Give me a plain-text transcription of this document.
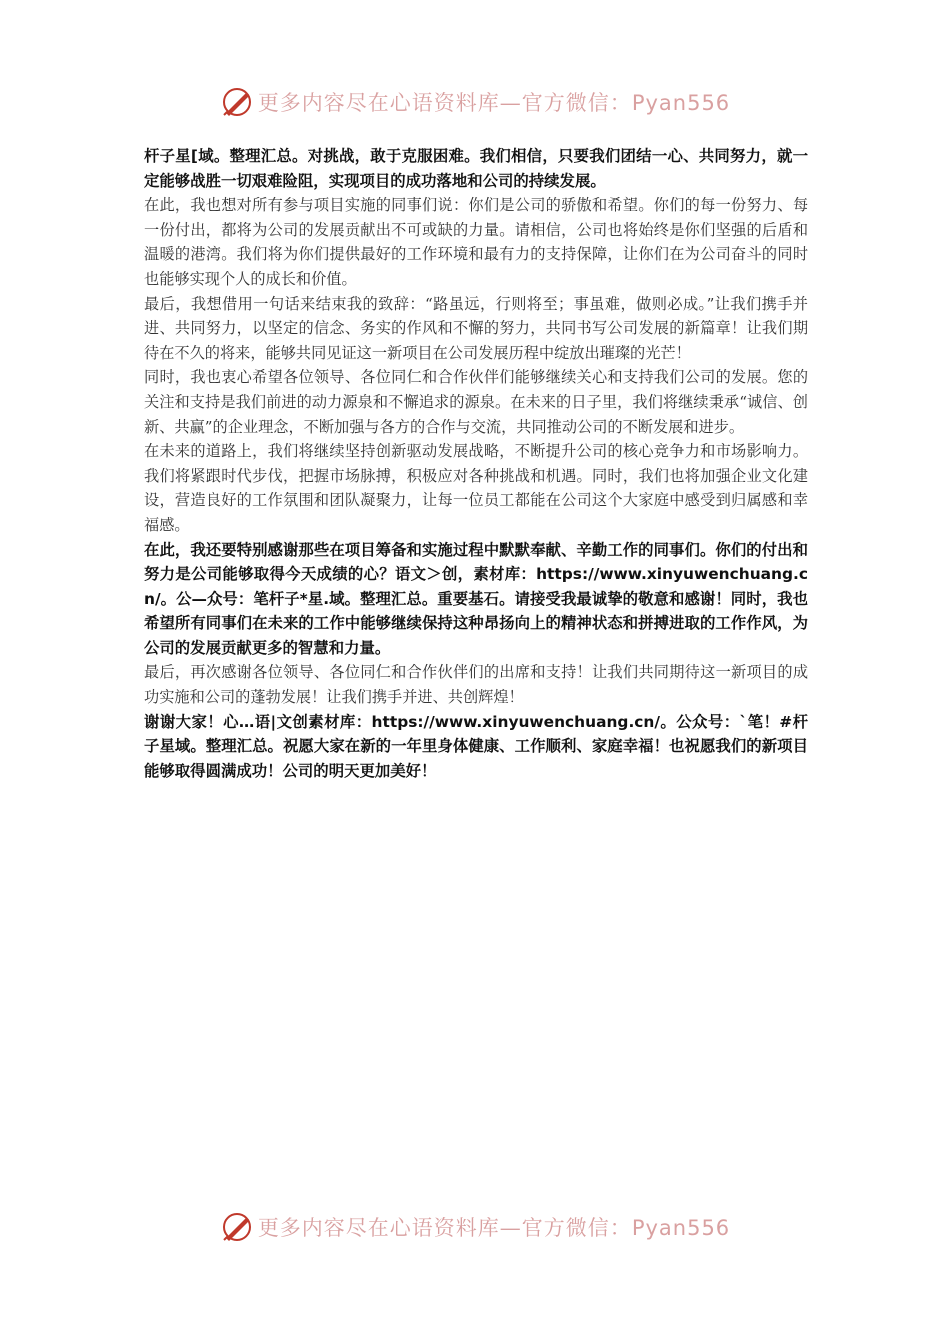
更多内容尽在心语资料库—官方微信：Pyan556

杆子星[域。整理汇总。对挑战，敢于克服困难。我们相信，只要我们团结一心、共同努力，就一定能够战胜一切艰难险阻，实现项目的成功落地和公司的持续发展。

在此，我也想对所有参与项目实施的同事们说：你们是公司的骄傲和希望。你们的每一份努力、每一份付出，都将为公司的发展贡献出不可或缺的力量。请相信，公司也将始终是你们坚强的后盾和温暖的港湾。我们将为你们提供最好的工作环境和最有力的支持保障，让你们在为公司奋斗的同时也能够实现个人的成长和价值。

最后，我想借用一句话来结束我的致辞：“路虽远，行则将至；事虽难，做则必成。”让我们携手并进、共同努力，以坚定的信念、务实的作风和不懈的努力，共同书写公司发展的新篇章！让我们期待在不久的将来，能够共同见证这一新项目在公司发展历程中绽放出璀璨的光芒！

同时，我也衷心希望各位领导、各位同仁和合作伙伴们能够继续关心和支持我们公司的发展。您的关注和支持是我们前进的动力源泉和不懈追求的源泉。在未来的日子里，我们将继续秉承“诚信、创新、共赢”的企业理念，不断加强与各方的合作与交流，共同推动公司的不断发展和进步。

在未来的道路上，我们将继续坚持创新驱动发展战略，不断提升公司的核心竞争力和市场影响力。我们将紧跟时代步伐，把握市场脉搏，积极应对各种挑战和机遇。同时，我们也将加强企业文化建设，营造良好的工作氛围和团队凝聚力，让每一位员工都能在公司这个大家庭中感受到归属感和幸福感。

在此，我还要特别感谢那些在项目筹备和实施过程中默默奉献、辛勤工作的同事们。你们的付出和努力是公司能够取得今天成绩的心？语文＞创，素材库：https://www.xinyuwenchuang.cn/。公—众号：笔杆子*星.域。整理汇总。重要基石。请接受我最诚挚的敬意和感谢！同时，我也希望所有同事们在未来的工作中能够继续保持这种昂扬向上的精神状态和拼搏进取的工作作风，为公司的发展贡献更多的智慧和力量。

最后，再次感谢各位领导、各位同仁和合作伙伴们的出席和支持！让我们共同期待这一新项目的成功实施和公司的蓬勃发展！让我们携手并进、共创辉煌！

谢谢大家！心…语|文创素材库：https://www.xinyuwenchuang.cn/。公众号：`笔！#杆子星域。整理汇总。祝愿大家在新的一年里身体健康、工作顺利、家庭幸福！也祝愿我们的新项目能够取得圆满成功！公司的明天更加美好！

更多内容尽在心语资料库—官方微信：Pyan556
